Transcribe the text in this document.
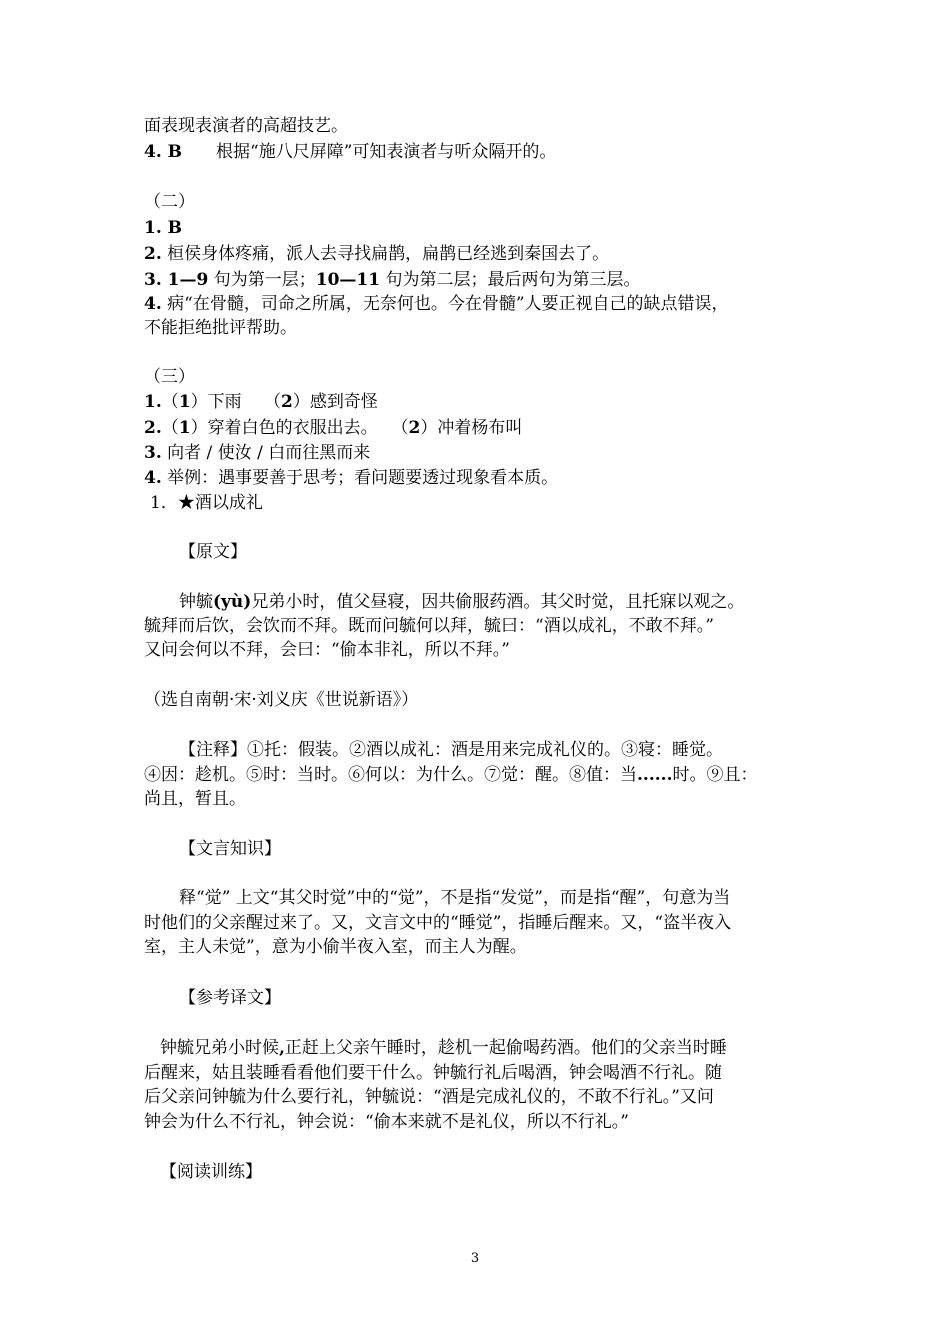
面表现表演者的高超技艺。

4. B　　根据“施八尺屏障”可知表演者与听众隔开的。

（二）

1. B

2. 桓侯身体疼痛，派人去寻找扁鹊，扁鹊已经逃到秦国去了。

3. 1—9 句为第一层；10—11 句为第二层；最后两句为第三层。

4. 病“在骨髓，司命之所属，无奈何也。今在骨髓”人要正视自己的缺点错误，

不能拒绝批评帮助。

（三）

1.（1）下雨　 （2）感到奇怪

2.（1）穿着白色的衣服出去。　 （2）冲着杨布叫

3. 向者 / 使汝 / 白而往黑而来

4. 举例：遇事要善于思考；看问题要透过现象看本质。

1．★酒以成礼

【原文】

钟毓(yù)兄弟小时，值父昼寝，因共偷服药酒。其父时觉，且托寐以观之。

毓拜而后饮，会饮而不拜。既而问毓何以拜，毓曰：“酒以成礼，不敢不拜。”

又问会何以不拜，会曰：“偷本非礼，所以不拜。”

（选自南朝·宋·刘义庆《世说新语》）

【注释】①托：假装。②酒以成礼：酒是用来完成礼仪的。③寝：睡觉。

④因：趁机。⑤时：当时。⑥何以：为什么。⑦觉：醒。⑧值：当......时。⑨且：

尚且，暂且。

【文言知识】

释“觉” 上文“其父时觉”中的“觉”，不是指“发觉”，而是指“醒”，句意为当

时他们的父亲醒过来了。又，文言文中的“睡觉”，指睡后醒来。又，“盗半夜入

室，主人未觉”，意为小偷半夜入室，而主人为醒。

【参考译文】

钟毓兄弟小时候,正赶上父亲午睡时，趁机一起偷喝药酒。他们的父亲当时睡

后醒来，姑且装睡看看他们要干什么。钟毓行礼后喝酒，钟会喝酒不行礼。随

后父亲问钟毓为什么要行礼，钟毓说：“酒是完成礼仪的，不敢不行礼。”又问

钟会为什么不行礼，钟会说：“偷本来就不是礼仪，所以不行礼。”

【阅读训练】

3
